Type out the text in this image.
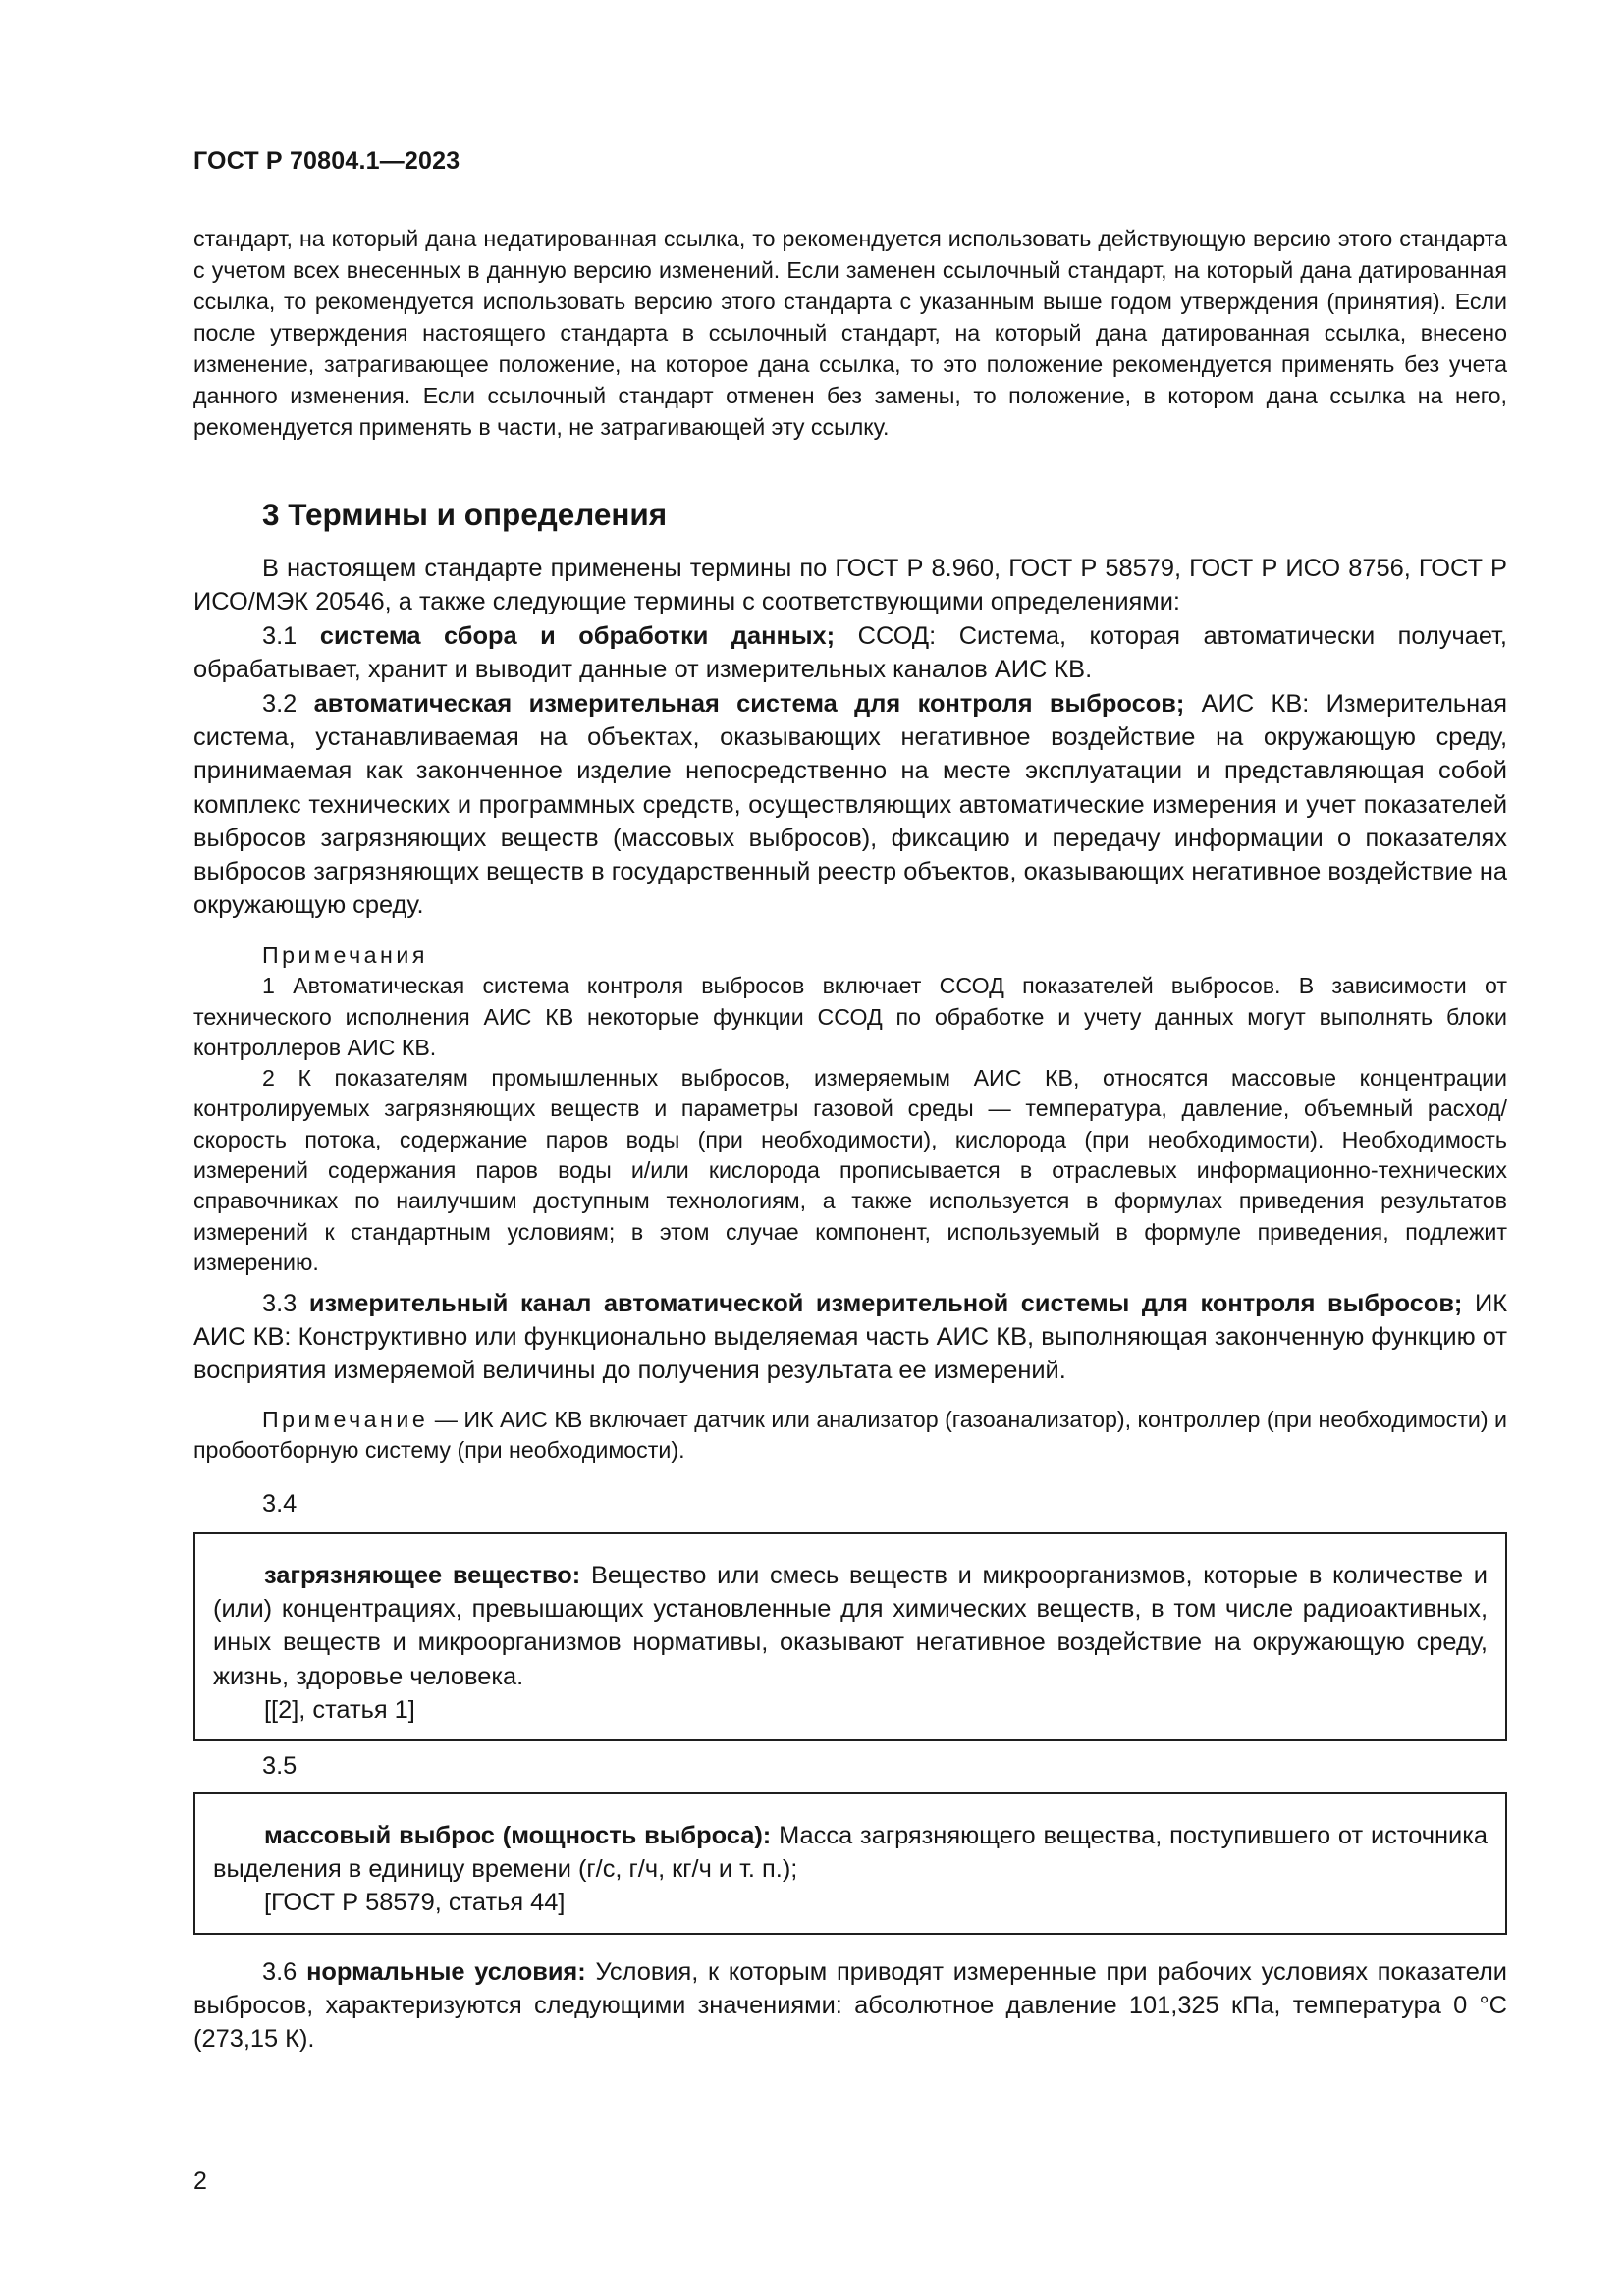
ГОСТ Р 70804.1—2023

стандарт, на который дана недатированная ссылка, то рекомендуется использовать действующую версию этого стандарта с учетом всех внесенных в данную версию изменений. Если заменен ссылочный стандарт, на который дана датированная ссылка, то рекомендуется использовать версию этого стандарта с указанным выше годом утверждения (принятия). Если после утверждения настоящего стандарта в ссылочный стандарт, на который дана датированная ссылка, внесено изменение, затрагивающее положение, на которое дана ссылка, то это положение рекомендуется применять без учета данного изменения. Если ссылочный стандарт отменен без замены, то положение, в котором дана ссылка на него, рекомендуется применять в части, не затрагивающей эту ссылку.

3 Термины и определения

В настоящем стандарте применены термины по ГОСТ Р 8.960, ГОСТ Р 58579, ГОСТ Р ИСО 8756, ГОСТ Р ИСО/МЭК 20546, а также следующие термины с соответствующими определениями:

3.1 система сбора и обработки данных; ССОД: Система, которая автоматически получает, обрабатывает, хранит и выводит данные от измерительных каналов АИС КВ.

3.2 автоматическая измерительная система для контроля выбросов; АИС КВ: Измерительная система, устанавливаемая на объектах, оказывающих негативное воздействие на окружающую среду, принимаемая как законченное изделие непосредственно на месте эксплуатации и представляющая собой комплекс технических и программных средств, осуществляющих автоматические измерения и учет показателей выбросов загрязняющих веществ (массовых выбросов), фиксацию и передачу информации о показателях выбросов загрязняющих веществ в государственный реестр объектов, оказывающих негативное воздействие на окружающую среду.

Примечания

1 Автоматическая система контроля выбросов включает ССОД показателей выбросов. В зависимости от технического исполнения АИС КВ некоторые функции ССОД по обработке и учету данных могут выполнять блоки контроллеров АИС КВ.

2 К показателям промышленных выбросов, измеряемым АИС КВ, относятся массовые концентрации контролируемых загрязняющих веществ и параметры газовой среды — температура, давление, объемный расход/скорость потока, содержание паров воды (при необходимости), кислорода (при необходимости). Необходимость измерений содержания паров воды и/или кислорода прописывается в отраслевых информационно-технических справочниках по наилучшим доступным технологиям, а также используется в формулах приведения результатов измерений к стандартным условиям; в этом случае компонент, используемый в формуле приведения, подлежит измерению.

3.3 измерительный канал автоматической измерительной системы для контроля выбросов; ИК АИС КВ: Конструктивно или функционально выделяемая часть АИС КВ, выполняющая законченную функцию от восприятия измеряемой величины до получения результата ее измерений.

Примечание — ИК АИС КВ включает датчик или анализатор (газоанализатор), контроллер (при необходимости) и пробоотборную систему (при необходимости).

3.4

загрязняющее вещество: Вещество или смесь веществ и микроорганизмов, которые в количестве и (или) концентрациях, превышающих установленные для химических веществ, в том числе радиоактивных, иных веществ и микроорганизмов нормативы, оказывают негативное воздействие на окружающую среду, жизнь, здоровье человека.

[[2], статья 1]

3.5

массовый выброс (мощность выброса): Масса загрязняющего вещества, поступившего от источника выделения в единицу времени (г/с, г/ч, кг/ч и т. п.);

[ГОСТ Р 58579, статья 44]

3.6 нормальные условия: Условия, к которым приводят измеренные при рабочих условиях показатели выбросов, характеризуются следующими значениями: абсолютное давление 101,325 кПа, температура 0 °С (273,15 К).

2
